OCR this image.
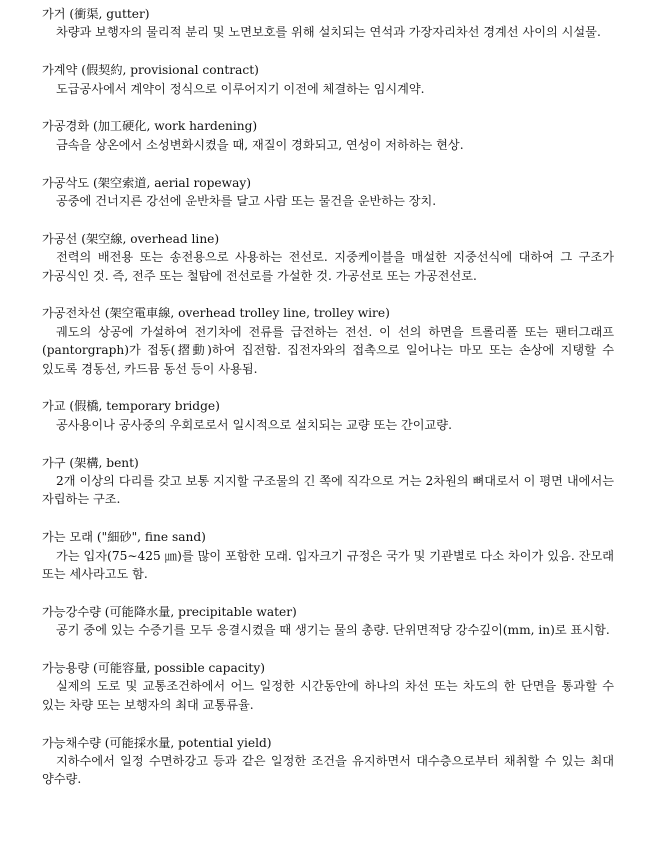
가거 (衝渠, gutter)
차량과 보행자의 물리적 분리 및 노면보호를 위해 설치되는 연석과 가장자리차선 경계선 사이의 시설물.
가계약 (假契約, provisional contract)
도급공사에서 계약이 정식으로 이루어지기 이전에 체결하는 임시계약.
가공경화 (加工硬化, work hardening)
금속을 상온에서 소성변화시켰을 때, 재질이 경화되고, 연성이 저하하는 현상.
가공삭도 (架空索道, aerial ropeway)
공중에 건너지른 강선에 운반차를 달고 사람 또는 물건을 운반하는 장치.
가공선 (架空線, overhead line)
전력의 배전용 또는 송전용으로 사용하는 전선로. 지중케이블을 매설한 지중선식에 대하여 그 구조가 가공식인 것. 즉, 전주 또는 철탑에 전선로를 가설한 것. 가공선로 또는 가공전선로.
가공전차선 (架空電車線, overhead trolley line, trolley wire)
궤도의 상공에 가설하여 전기차에 전류를 급전하는 전선. 이 선의 하면을 트롤리폴 또는 팬터그래프(pantorgraph)가 접동(摺動)하여 집전함. 집전자와의 접촉으로 일어나는 마모 또는 손상에 지탱할 수 있도록 경동선, 카드뮴 동선 등이 사용됨.
가교 (假橋, temporary bridge)
공사용이나 공사중의 우회로로서 일시적으로 설치되는 교량 또는 간이교량.
가구 (架構, bent)
2개 이상의 다리를 갖고 보통 지지할 구조물의 긴 쪽에 직각으로 거는 2차원의 뼈대로서 이 평면 내에서는 자립하는 구조.
가는 모래 ("細砂", fine sand)
가는 입자(75∼425 ㎛)를 많이 포함한 모래. 입자크기 규정은 국가 및 기관별로 다소 차이가 있음. 잔모래 또는 세사라고도 함.
가능강수량 (可能降水量, precipitable water)
공기 중에 있는 수증기를 모두 응결시켰을 때 생기는 물의 총량. 단위면적당 강수깊이(mm, in)로 표시함.
가능용량 (可能容量, possible capacity)
실제의 도로 및 교통조건하에서 어느 일정한 시간동안에 하나의 차선 또는 차도의 한 단면을 통과할 수 있는 차량 또는 보행자의 최대 교통류율.
가능채수량 (可能採水量, potential yield)
지하수에서 일정 수면하강고 등과 같은 일정한 조건을 유지하면서 대수층으로부터 채취할 수 있는 최대 양수량.
